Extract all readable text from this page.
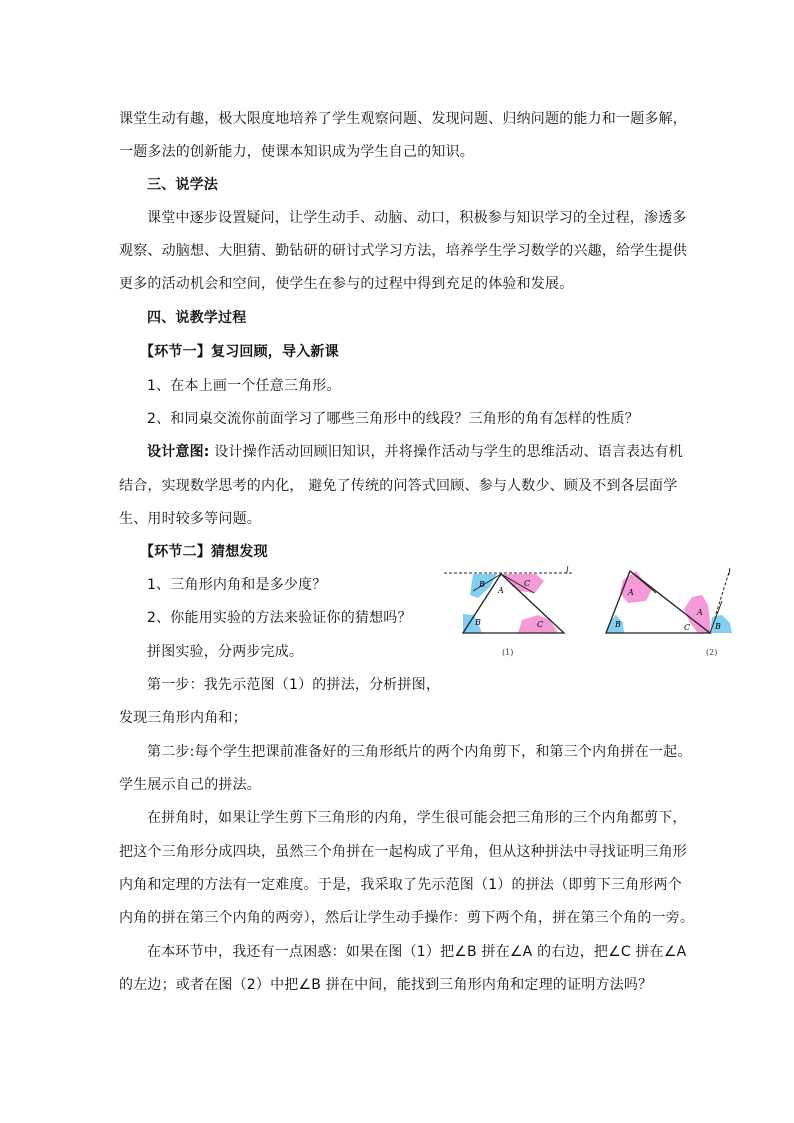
课堂生动有趣，极大限度地培养了学生观察问题、发现问题、归纳问题的能力和一题多解，
一题多法的创新能力，使课本知识成为学生自己的知识。
三、说学法
课堂中逐步设置疑问，让学生动手、动脑、动口，积极参与知识学习的全过程，渗透多
观察、动脑想、大胆猜、勤钻研的研讨式学习方法，培养学生学习数学的兴趣，给学生提供
更多的活动机会和空间，使学生在参与的过程中得到充足的体验和发展。
四、说教学过程
【环节一】复习回顾，导入新课
1、在本上画一个任意三角形。
2、和同桌交流你前面学习了哪些三角形中的线段？三角形的角有怎样的性质？
设计意图: 设计操作活动回顾旧知识，并将操作活动与学生的思维活动、语言表达有机
结合，实现数学思考的内化， 避免了传统的问答式回顾、参与人数少、顾及不到各层面学
生、用时较多等问题。
【环节二】猜想发现
1、三角形内角和是多少度？
2、你能用实验的方法来验证你的猜想吗？
拼图实验，分两步完成。
第一步：我先示范图（1）的拼法，分析拼图，
发现三角形内角和；
第二步:每个学生把课前准备好的三角形纸片的两个内角剪下，和第三个内角拼在一起。
学生展示自己的拼法。
在拼角时，如果让学生剪下三角形的内角，学生很可能会把三角形的三个内角都剪下，
把这个三角形分成四块，虽然三个角拼在一起构成了平角，但从这种拼法中寻找证明三角形
内角和定理的方法有一定难度。于是，我采取了先示范图（1）的拼法（即剪下三角形两个
内角的拼在第三个内角的两旁），然后让学生动手操作：剪下两个角，拼在第三个角的一旁。
在本环节中，我还有一点困惑：如果在图（1）把∠B 拼在∠A 的右边，把∠C 拼在∠A
的左边；或者在图（2）中把∠B 拼在中间，能找到三角形内角和定理的证明方法吗？
l
B	C
A
B	C
(1)
l
A
B	C
A
B
(2)
